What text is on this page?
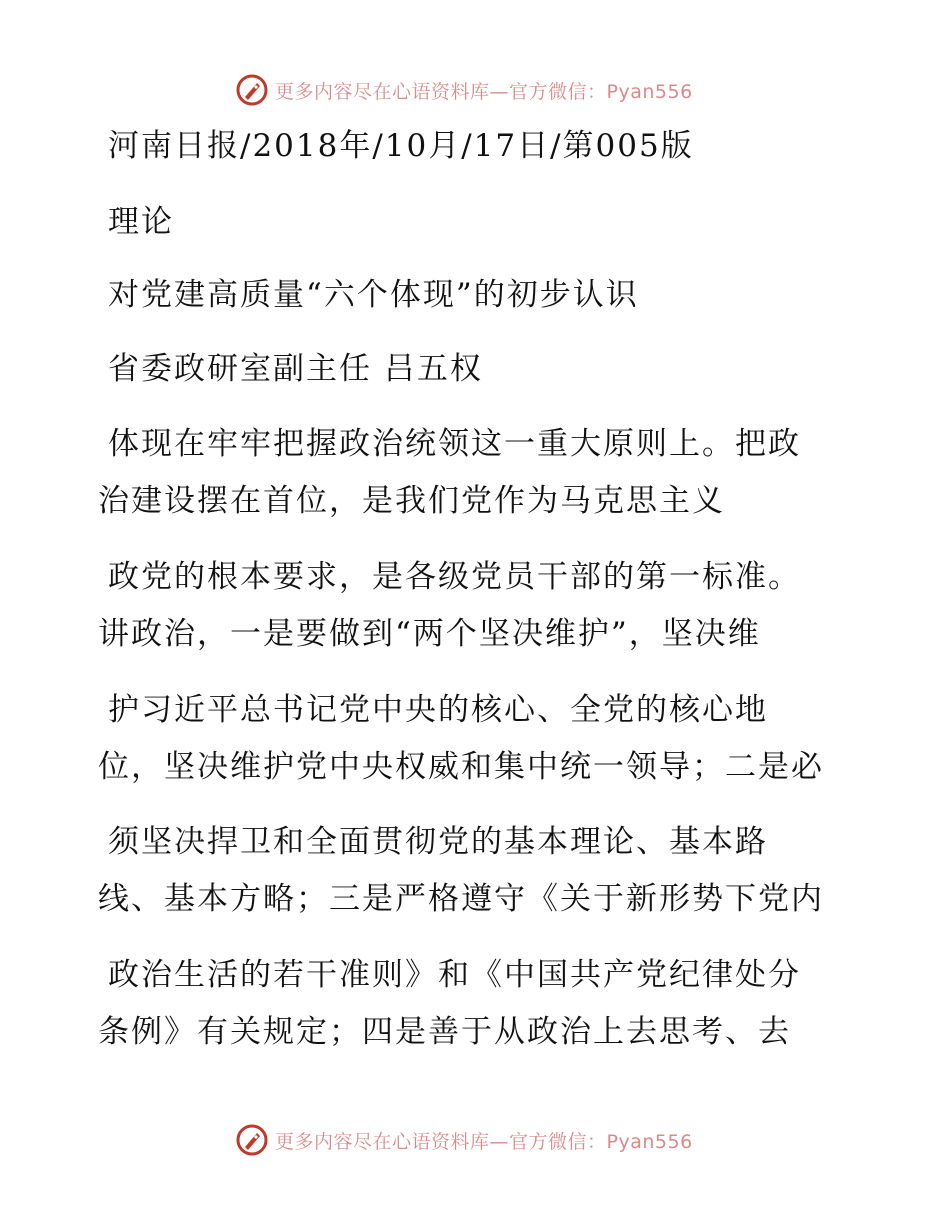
更多内容尽在心语资料库—官方微信：Pyan556
河南日报/2018年/10月/17日/第005版
理论
对党建高质量“六个体现”的初步认识
省委政研室副主任 吕五权
体现在牢牢把握政治统领这一重大原则上。把政
治建设摆在首位，是我们党作为马克思主义
政党的根本要求，是各级党员干部的第一标准。
讲政治，一是要做到“两个坚决维护”，坚决维
护习近平总书记党中央的核心、全党的核心地
位，坚决维护党中央权威和集中统一领导；二是必
须坚决捍卫和全面贯彻党的基本理论、基本路
线、基本方略；三是严格遵守《关于新形势下党内
政治生活的若干准则》和《中国共产党纪律处分
条例》有关规定；四是善于从政治上去思考、去
更多内容尽在心语资料库—官方微信：Pyan556
